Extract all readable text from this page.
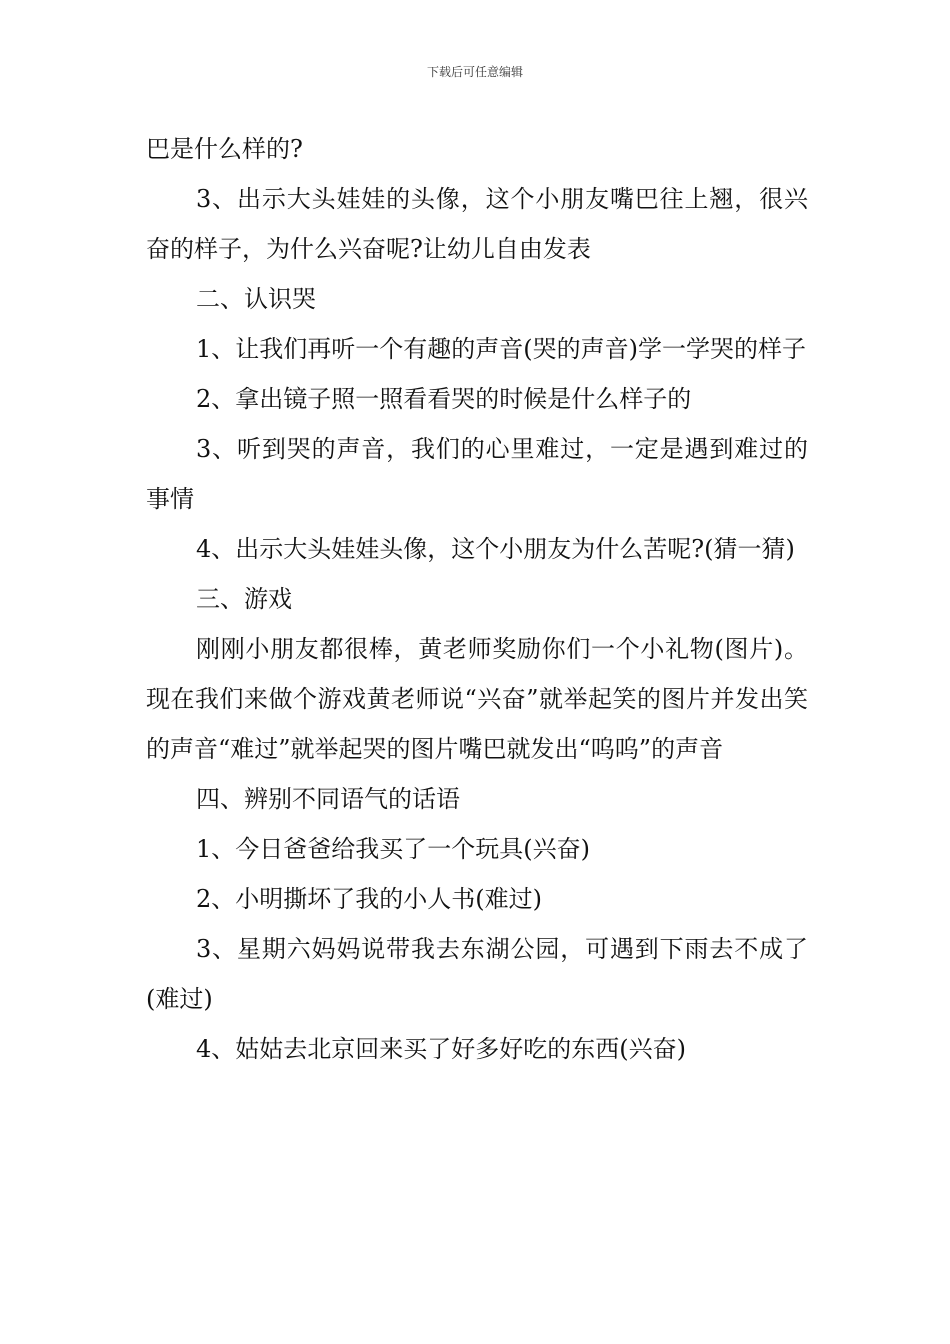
下载后可任意编辑

巴是什么样的?

3、出示大头娃娃的头像，这个小朋友嘴巴往上翘，很兴奋的样子，为什么兴奋呢?让幼儿自由发表

二、认识哭

1、让我们再听一个有趣的声音(哭的声音)学一学哭的样子

2、拿出镜子照一照看看哭的时候是什么样子的

3、听到哭的声音，我们的心里难过，一定是遇到难过的事情

4、出示大头娃娃头像，这个小朋友为什么苦呢?(猜一猜)

三、游戏

刚刚小朋友都很棒，黄老师奖励你们一个小礼物(图片)。现在我们来做个游戏黄老师说“兴奋”就举起笑的图片并发出笑的声音“难过”就举起哭的图片嘴巴就发出“呜呜”的声音

四、辨别不同语气的话语

1、今日爸爸给我买了一个玩具(兴奋)

2、小明撕坏了我的小人书(难过)

3、星期六妈妈说带我去东湖公园，可遇到下雨去不成了(难过)

4、姑姑去北京回来买了好多好吃的东西(兴奋)
